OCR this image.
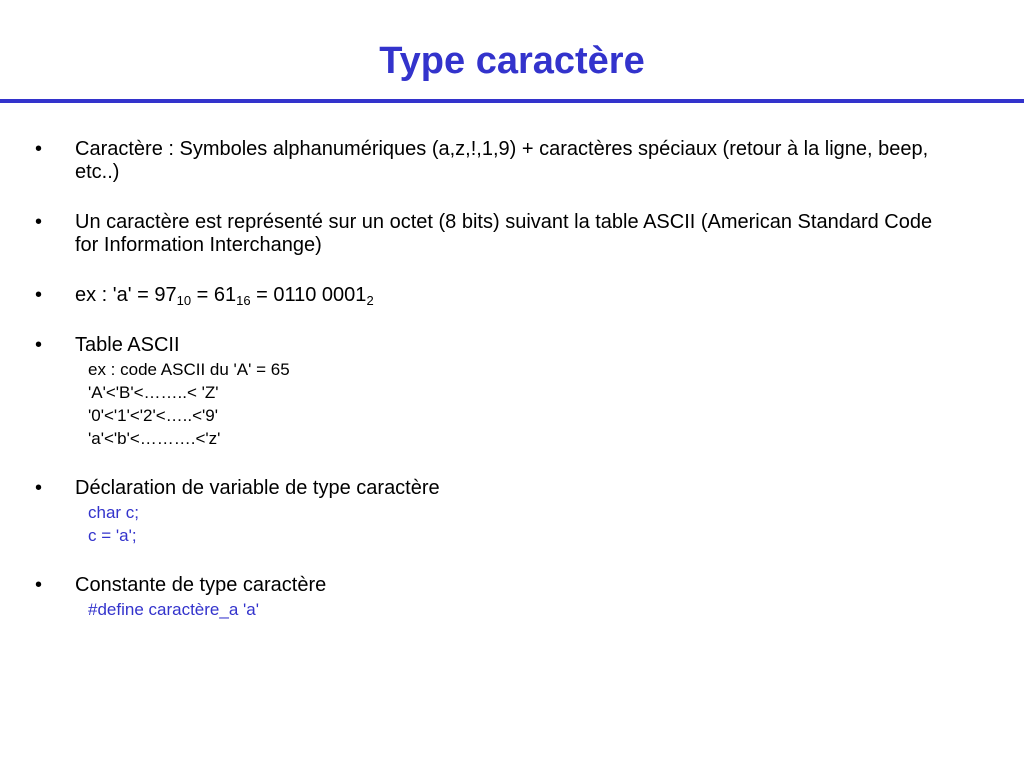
Type caractère
• Caractère : Symboles alphanumériques (a,z,!,1,9) + caractères spéciaux (retour à la ligne, beep, etc..)
• Un caractère est représenté sur un octet (8 bits) suivant la table ASCII (American Standard Code for Information Interchange)
• ex : '$a' = 97_{10} = 61_{16} = 0110$ $0001_2$
• Table ASCII
ex : code ASCII du 'A' = 65
'A'<'B'<……..< 'Z'
'0'<'1'<'2'<…..<'9'
'a'<'b'<……….<'z'
• Déclaration de variable de type caractère
char c;
c = 'a';
• Constante de type caractère
#define caractère_a 'a'
